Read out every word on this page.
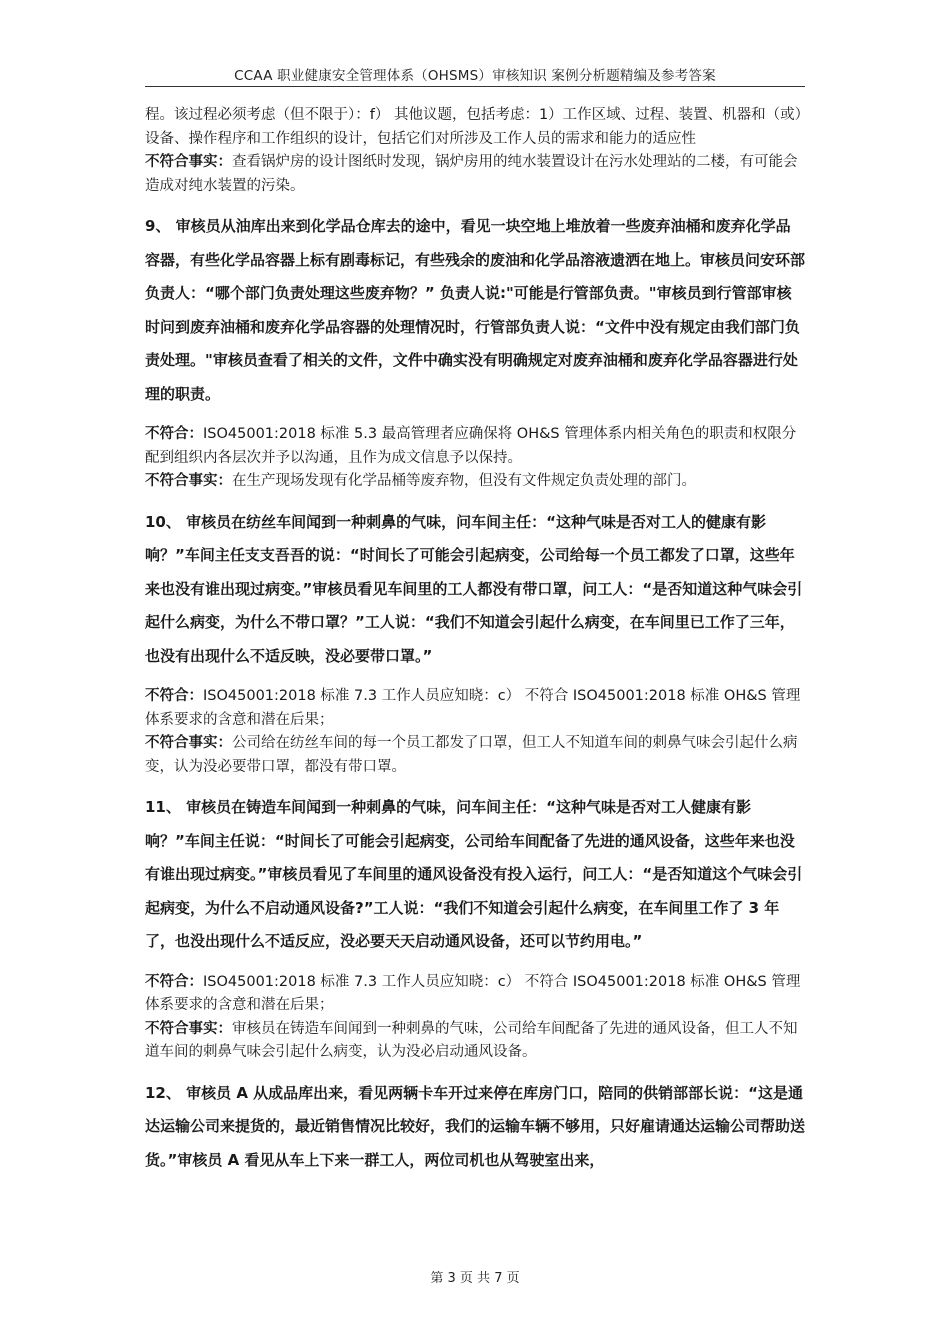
CCAA 职业健康安全管理体系（OHSMS）审核知识 案例分析题精编及参考答案

程。该过程必须考虑（但不限于）：f） 其他议题，包括考虑：1）工作区域、过程、装置、机器和（或）设备、操作程序和工作组织的设计，包括它们对所涉及工作人员的需求和能力的适应性

不符合事实：查看锅炉房的设计图纸时发现，锅炉房用的纯水装置设计在污水处理站的二楼，有可能会造成对纯水装置的污染。

9、 审核员从油库出来到化学品仓库去的途中，看见一块空地上堆放着一些废弃油桶和废弃化学品容器，有些化学品容器上标有剧毒标记，有些残余的废油和化学品溶液遗洒在地上。审核员问安环部负责人：“哪个部门负责处理这些废弃物？” 负责人说:"可能是行管部负责。"审核员到行管部审核时问到废弃油桶和废弃化学品容器的处理情况时，行管部负责人说：“文件中没有规定由我们部门负责处理。"审核员查看了相关的文件，文件中确实没有明确规定对废弃油桶和废弃化学品容器进行处理的职责。

不符合：ISO45001:2018 标准 5.3 最高管理者应确保将 OH&S 管理体系内相关角色的职责和权限分配到组织内各层次并予以沟通，且作为成文信息予以保持。

不符合事实：在生产现场发现有化学品桶等废弃物，但没有文件规定负责处理的部门。

10、 审核员在纺丝车间闻到一种刺鼻的气味，问车间主任：“这种气味是否对工人的健康有影响？”车间主任支支吾吾的说：“时间长了可能会引起病变，公司给每一个员工都发了口罩，这些年来也没有谁出现过病变。”审核员看见车间里的工人都没有带口罩，问工人：“是否知道这种气味会引起什么病变，为什么不带口罩？”工人说：“我们不知道会引起什么病变，在车间里已工作了三年，也没有出现什么不适反映，没必要带口罩。”

不符合：ISO45001:2018 标准 7.3 工作人员应知晓：c） 不符合 ISO45001:2018 标准 OH&S 管理体系要求的含意和潜在后果；

不符合事实：公司给在纺丝车间的每一个员工都发了口罩，但工人不知道车间的刺鼻气味会引起什么病变，认为没必要带口罩，都没有带口罩。

11、 审核员在铸造车间闻到一种刺鼻的气味，问车间主任：“这种气味是否对工人健康有影响？”车间主任说：“时间长了可能会引起病变，公司给车间配备了先进的通风设备，这些年来也没有谁出现过病变。”审核员看见了车间里的通风设备没有投入运行，问工人：“是否知道这个气味会引起病变，为什么不启动通风设备?”工人说：“我们不知道会引起什么病变，在车间里工作了 3 年了，也没出现什么不适反应，没必要天天启动通风设备，还可以节约用电。”

不符合：ISO45001:2018 标准 7.3 工作人员应知晓：c） 不符合 ISO45001:2018 标准 OH&S 管理体系要求的含意和潜在后果；

不符合事实：审核员在铸造车间闻到一种刺鼻的气味，公司给车间配备了先进的通风设备，但工人不知道车间的刺鼻气味会引起什么病变，认为没必启动通风设备。

12、 审核员 A 从成品库出来，看见两辆卡车开过来停在库房门口，陪同的供销部部长说：“这是通达运输公司来提货的，最近销售情况比较好，我们的运输车辆不够用，只好雇请通达运输公司帮助送货。”审核员 A 看见从车上下来一群工人，两位司机也从驾驶室出来，

第 3 页 共 7 页
